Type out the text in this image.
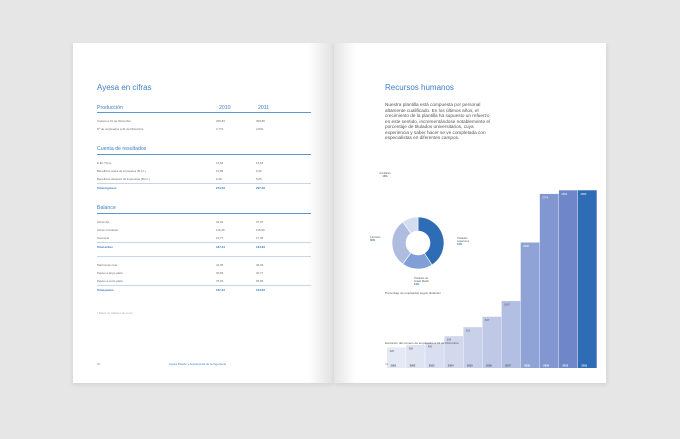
Ayesa en cifras
Producción	2010	2011
Cartera a 31 de Diciembre	265,83	309,86
Nº de empleados a 31 de Diciembre	2.774	2.832
Cuenta de resultados
E.B.I.T.D.A.	13,54	15,18
Beneficios antes de impuestos (B.A.I.)	10,89	6,36
Beneficios después de impuestos (B.D.I.)	9,48	5,65
Total ingresos	274,53	297,18
Balance
Activo fijo	33,91	37,37
Activo circulante	116,46	115,90
Tesorería	16,77	17,35
Total activo	167,34	164,63
Patrimonio neto	41,95	46,03
Pasivo a largo plazo	30,83	30,77
Pasivo a corto plazo	75,03	66,83
Total pasivo	167,34	164,63
* Datos en millones de euros
20	Ayesa Diseño y Arquitectura de la Ingeniería
Recursos humanos
Nuestra plantilla está compuesta por personal altamente cualificado. En los últimos años, el crecimiento de la plantilla ha supuesto un refuerzo en este sentido, incrementándose notablemente el porcentaje de titulados universitarios, cuya experiencia y saber hacer se ve completada con especialistas en diferentes campos.
329
2001
368
2002
400
2003
508
2004
651
2005
817
2006
1067
2007
2000
2008
2774
2009
2832
2010
2832
2011
Porcentaje de empleados según titulación
Evolución del número de empleados a 31 de Diciembre
21
Auxiliares
10%
Técnicos
30%
Titulados
superiores
41%
Titulados de
Grado Medio
19%
